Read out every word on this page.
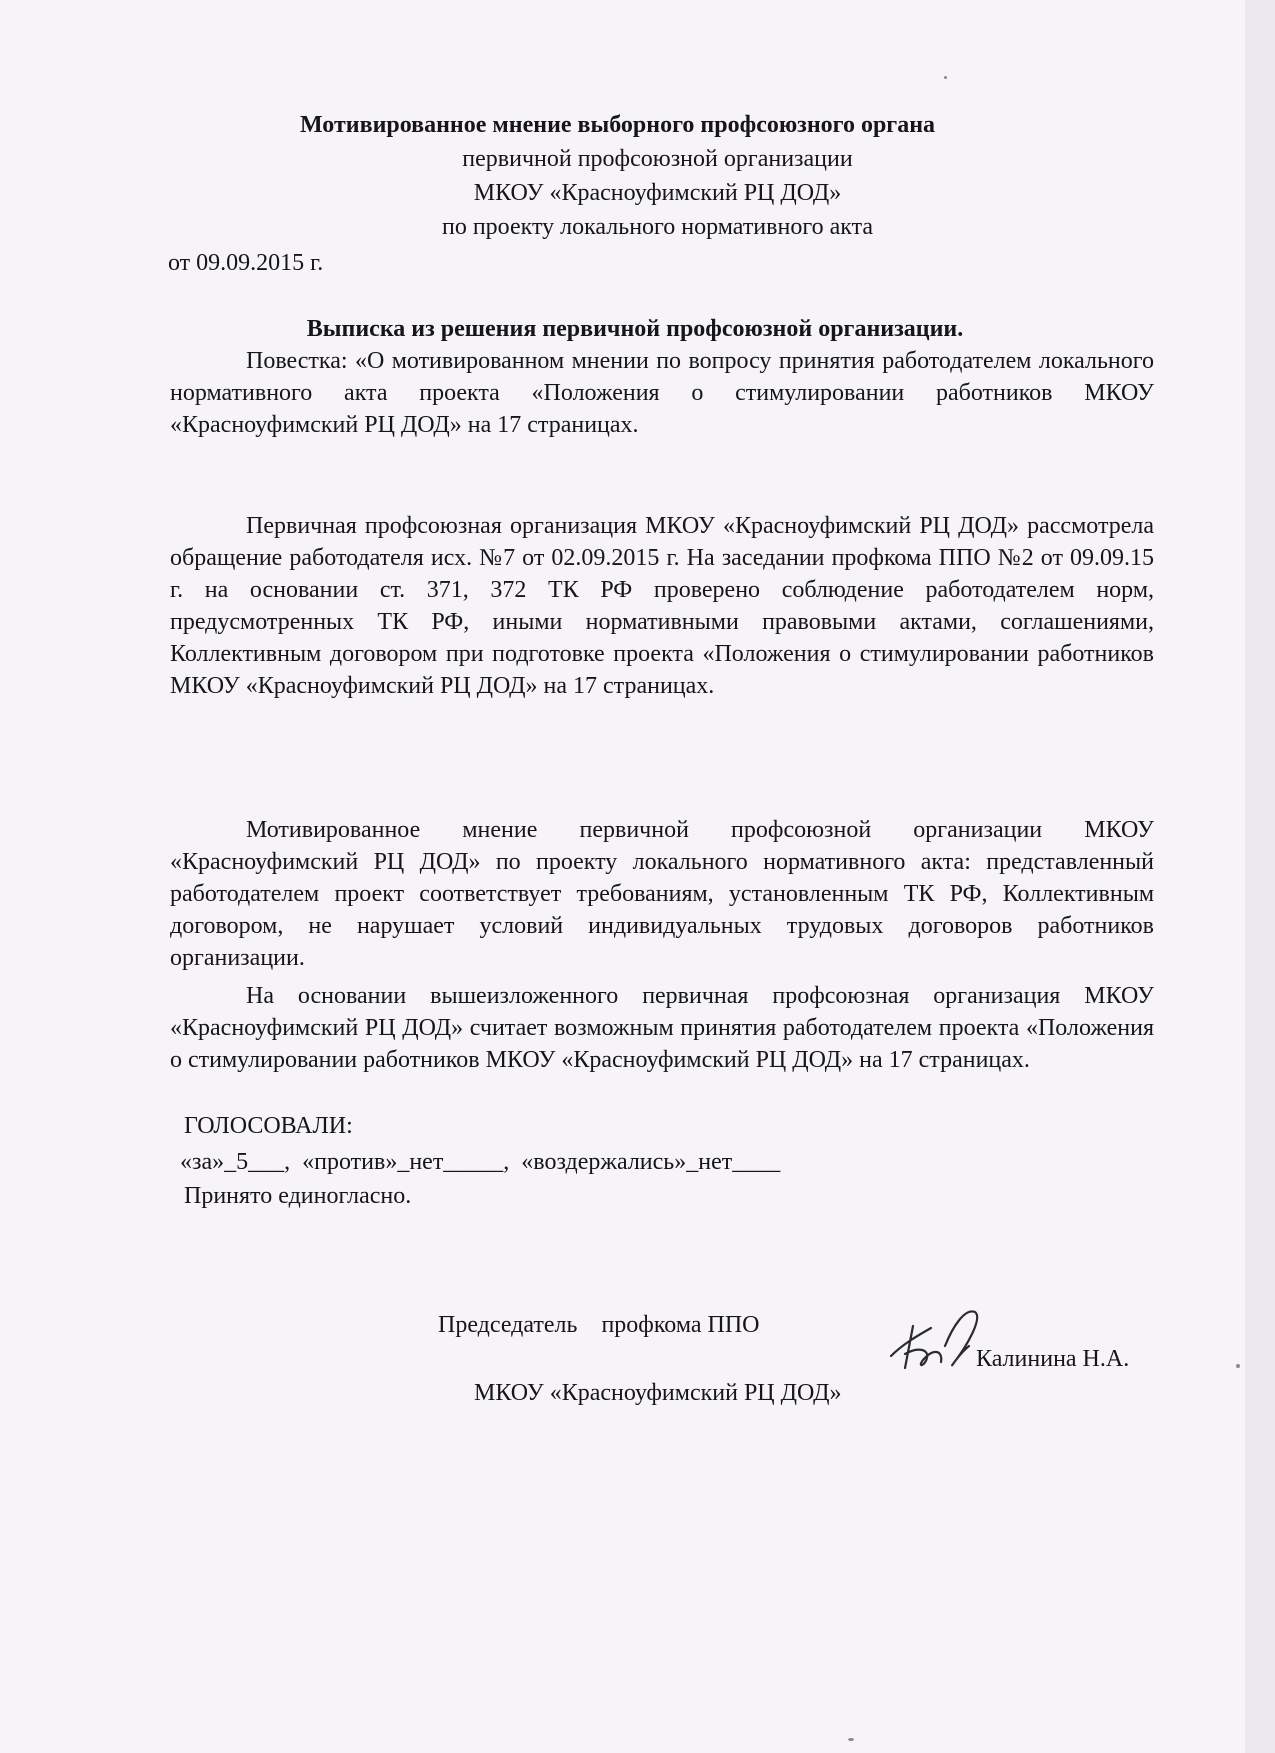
Мотивированное мнение выборного профсоюзного органа
первичной профсоюзной организации
МКОУ «Красноуфимский РЦ ДОД»
по проекту локального нормативного акта
от 09.09.2015 г.
Выписка из решения первичной профсоюзной организации.
Повестка: «О мотивированном мнении по вопросу принятия работодателем локального нормативного акта проекта «Положения о стимулировании работников МКОУ «Красноуфимский РЦ ДОД» на 17 страницах.
Первичная профсоюзная организация МКОУ «Красноуфимский РЦ ДОД» рассмотрела обращение работодателя исх. №7 от 02.09.2015 г. На заседании профкома ППО №2 от 09.09.15 г. на основании ст. 371, 372 ТК РФ проверено соблюдение работодателем норм, предусмотренных ТК РФ, иными нормативными правовыми актами, соглашениями, Коллективным договором при подготовке проекта «Положения о стимулировании работников МКОУ «Красноуфимский РЦ ДОД» на 17 страницах.
Мотивированное мнение первичной профсоюзной организации МКОУ «Красноуфимский РЦ ДОД» по проекту локального нормативного акта: представленный работодателем проект соответствует требованиям, установленным ТК РФ, Коллективным договором, не нарушает условий индивидуальных трудовых договоров работников организации.
На основании вышеизложенного первичная профсоюзная организация МКОУ «Красноуфимский РЦ ДОД» считает возможным принятия работодателем проекта «Положения о стимулировании работников МКОУ «Красноуфимский РЦ ДОД» на 17 страницах.
ГОЛОСОВАЛИ:
«за»_5___,  «против»_нет_____,  «воздержались»_нет____
Принято единогласно.
Председатель    профкома ППО

МКОУ «Красноуфимский РЦ ДОД»

Калинина Н.А.
